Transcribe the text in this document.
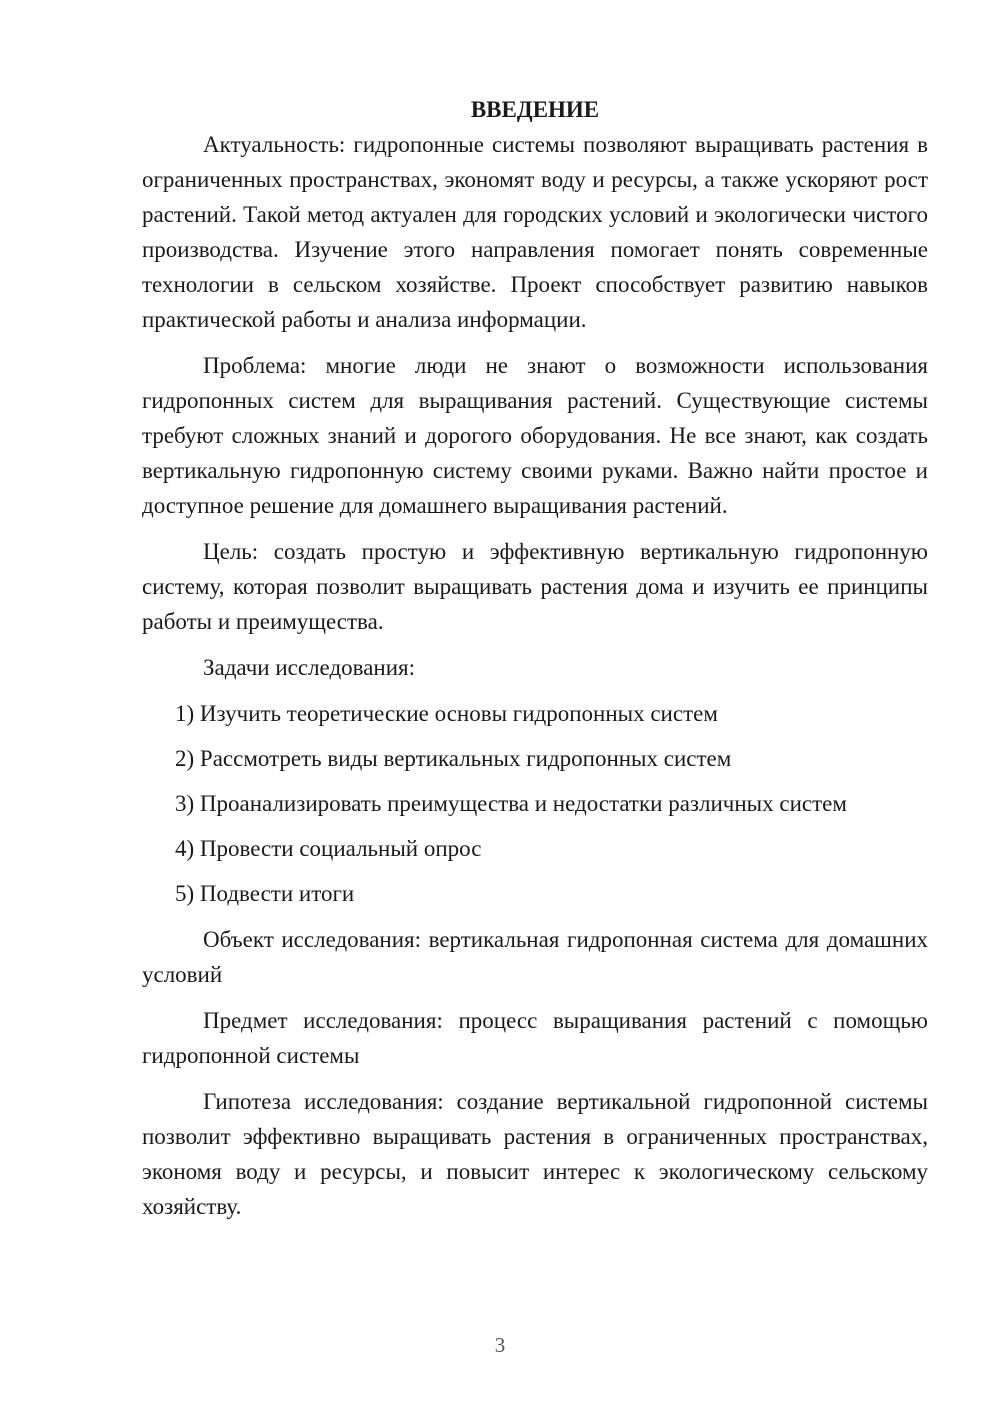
ВВЕДЕНИЕ

Актуальность: гидропонные системы позволяют выращивать растения в ограниченных пространствах, экономят воду и ресурсы, а также ускоряют рост растений. Такой метод актуален для городских условий и экологически чистого производства. Изучение этого направления помогает понять современные технологии в сельском хозяйстве. Проект способствует развитию навыков практической работы и анализа информации.

Проблема: многие люди не знают о возможности использования гидропонных систем для выращивания растений. Существующие системы требуют сложных знаний и дорогого оборудования. Не все знают, как создать вертикальную гидропонную систему своими руками. Важно найти простое и доступное решение для домашнего выращивания растений.

Цель: создать простую и эффективную вертикальную гидропонную систему, которая позволит выращивать растения дома и изучить ее принципы работы и преимущества.

Задачи исследования:

1) Изучить теоретические основы гидропонных систем
2) Рассмотреть виды вертикальных гидропонных систем
3) Проанализировать преимущества и недостатки различных систем
4) Провести социальный опрос
5) Подвести итоги

Объект исследования: вертикальная гидропонная система для домашних условий

Предмет исследования: процесс выращивания растений с помощью гидропонной системы

Гипотеза исследования: создание вертикальной гидропонной системы позволит эффективно выращивать растения в ограниченных пространствах, экономя воду и ресурсы, и повысит интерес к экологическому сельскому хозяйству.

3
